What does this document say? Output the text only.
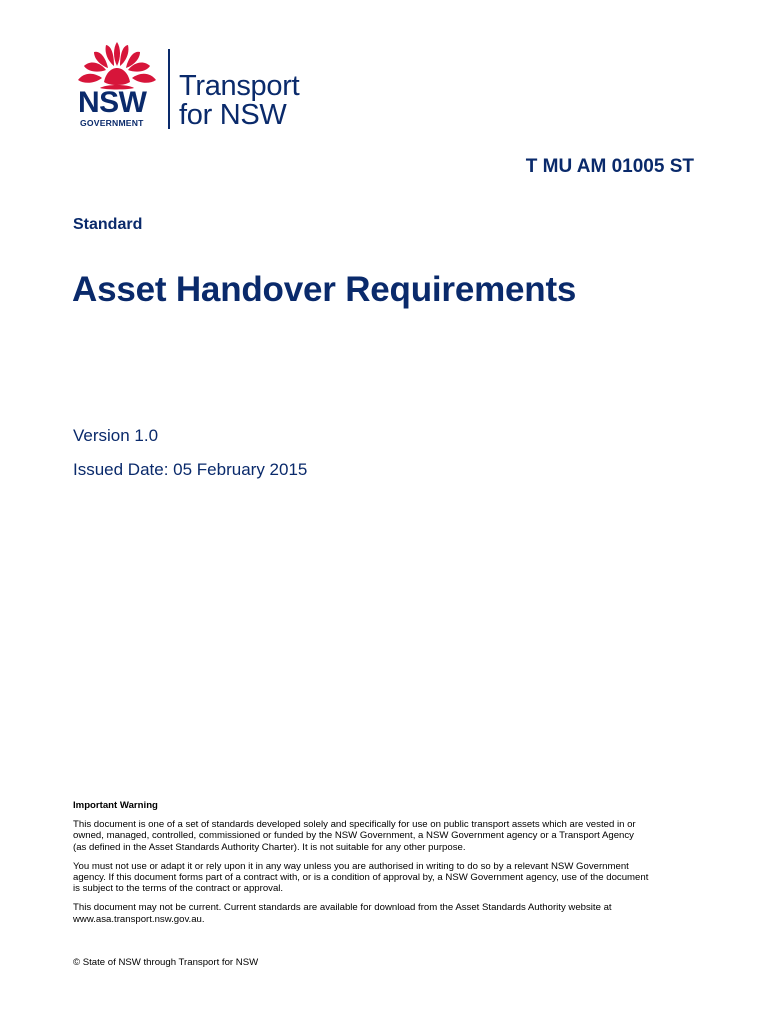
NSW
GOVERNMENT
Transport
for NSW
T MU AM 01005 ST
Standard
Asset Handover Requirements
Version 1.0
Issued Date: 05 February 2015
Important Warning

This document is one of a set of standards developed solely and specifically for use on public transport assets which are vested in or
owned, managed, controlled, commissioned or funded by the NSW Government, a NSW Government agency or a Transport Agency
(as defined in the Asset Standards Authority Charter). It is not suitable for any other purpose.

You must not use or adapt it or rely upon it in any way unless you are authorised in writing to do so by a relevant NSW Government
agency. If this document forms part of a contract with, or is a condition of approval by, a NSW Government agency, use of the document
is subject to the terms of the contract or approval.

This document may not be current. Current standards are available for download from the Asset Standards Authority website at
www.asa.transport.nsw.gov.au.

© State of NSW through Transport for NSW
